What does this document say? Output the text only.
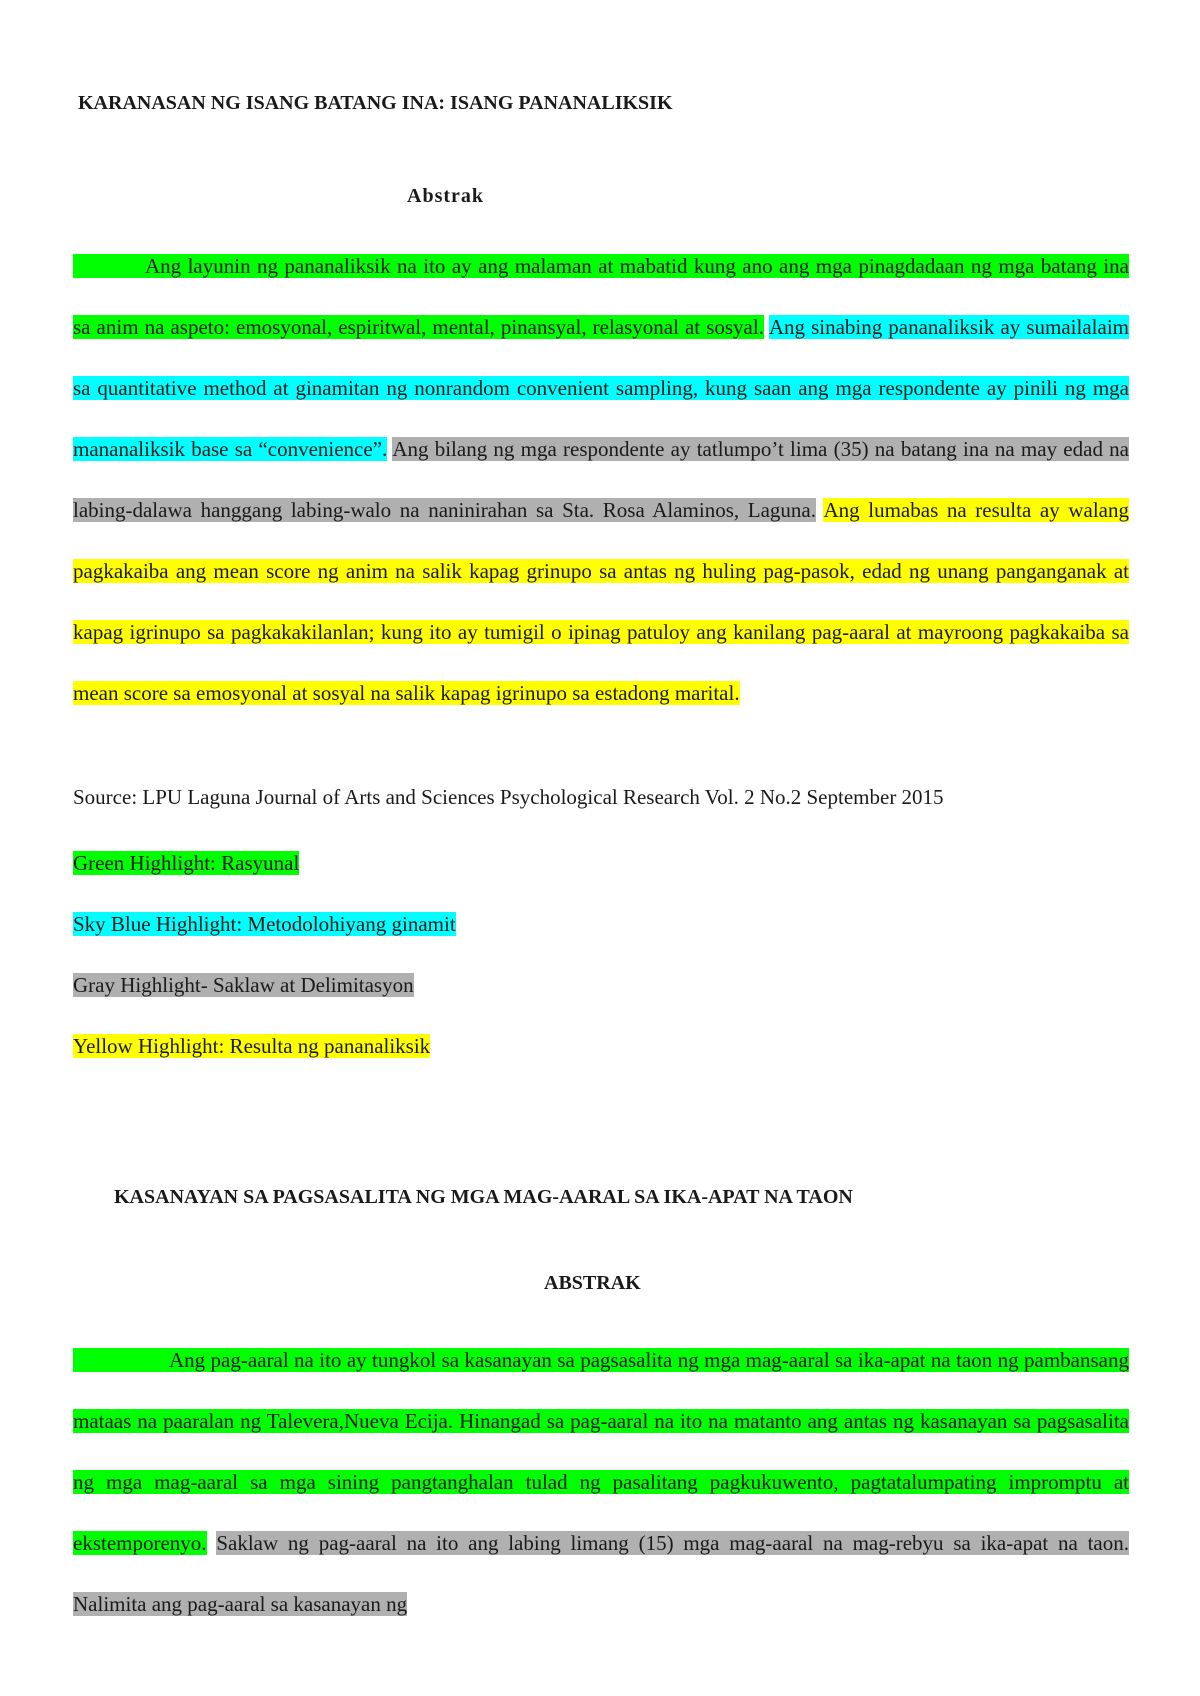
KARANASAN NG ISANG BATANG INA: ISANG PANANALIKSIK
Abstrak

Ang layunin ng pananaliksik na ito ay ang malaman at mabatid kung ano ang mga pinagdadaan ng mga batang ina sa anim na aspeto: emosyonal, espiritwal, mental, pinansyal, relasyonal at sosyal. Ang sinabing pananaliksik ay sumailalaim sa quantitative method at ginamitan ng nonrandom convenient sampling, kung saan ang mga respondente ay pinili ng mga mananaliksik base sa “convenience”. Ang bilang ng mga respondente ay tatlumpo’t lima (35) na batang ina na may edad na labing-dalawa hanggang labing-walo na naninirahan sa Sta. Rosa Alaminos, Laguna. Ang lumabas na resulta ay walang pagkakaiba ang mean score ng anim na salik kapag grinupo sa antas ng huling pag-pasok, edad ng unang panganganak at kapag igrinupo sa pagkakakilanlan; kung ito ay tumigil o ipinag patuloy ang kanilang pag-aaral at mayroong pagkakaiba sa mean score sa emosyonal at sosyal na salik kapag igrinupo sa estadong marital.

Source: LPU Laguna Journal of Arts and Sciences Psychological Research Vol. 2 No.2 September 2015
Green Highlight: Rasyunal
Sky Blue Highlight: Metodolohiyang ginamit
Gray Highlight- Saklaw at Delimitasyon
Yellow Highlight: Resulta ng pananaliksik
KASANAYAN SA PAGSASALITA NG MGA MAG-AARAL SA IKA-APAT NA TAON
ABSTRAK

Ang pag-aaral na ito ay tungkol sa kasanayan sa pagsasalita ng mga mag-aaral sa ika-apat na taon ng pambansang mataas na paaralan ng Talevera,Nueva Ecija. Hinangad sa pag-aaral na ito na matanto ang antas ng kasanayan sa pagsasalita ng mga mag-aaral sa mga sining pangtanghalan tulad ng pasalitang pagkukuwento, pagtatalumpating impromptu at ekstemporenyo. Saklaw ng pag-aaral na ito ang labing limang (15) mga mag-aaral na mag-rebyu sa ika-apat na taon. Nalimita ang pag-aaral sa kasanayan ng
